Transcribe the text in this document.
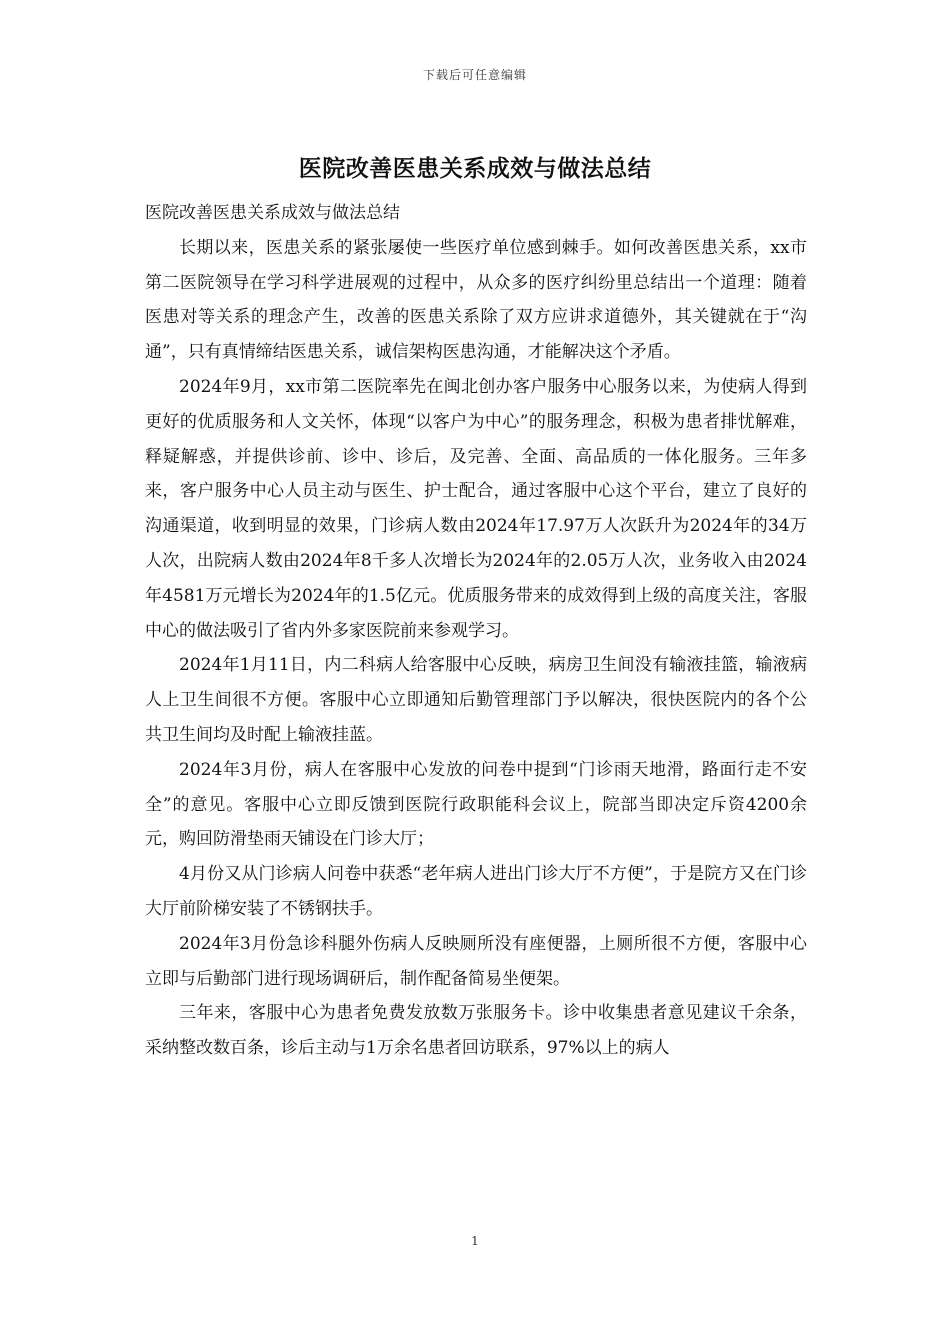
下载后可任意编辑
医院改善医患关系成效与做法总结

医院改善医患关系成效与做法总结

长期以来，医患关系的紧张屡使一些医疗单位感到棘手。如何改善医患关系，xx市第二医院领导在学习科学进展观的过程中，从众多的医疗纠纷里总结出一个道理：随着医患对等关系的理念产生，改善的医患关系除了双方应讲求道德外，其关键就在于“沟通”，只有真情缔结医患关系，诚信架构医患沟通，才能解决这个矛盾。

2024年9月，xx市第二医院率先在闽北创办客户服务中心服务以来，为使病人得到更好的优质服务和人文关怀，体现“以客户为中心”的服务理念，积极为患者排忧解难，释疑解惑，并提供诊前、诊中、诊后，及完善、全面、高品质的一体化服务。三年多来，客户服务中心人员主动与医生、护士配合，通过客服中心这个平台，建立了良好的沟通渠道，收到明显的效果，门诊病人数由2024年17.97万人次跃升为2024年的34万人次，出院病人数由2024年8千多人次增长为2024年的2.05万人次，业务收入由2024年4581万元增长为2024年的1.5亿元。优质服务带来的成效得到上级的高度关注，客服中心的做法吸引了省内外多家医院前来参观学习。

2024年1月11日，内二科病人给客服中心反映，病房卫生间没有输液挂篮，输液病人上卫生间很不方便。客服中心立即通知后勤管理部门予以解决，很快医院内的各个公共卫生间均及时配上输液挂蓝。

2024年3月份，病人在客服中心发放的问卷中提到“门诊雨天地滑，路面行走不安全”的意见。客服中心立即反馈到医院行政职能科会议上，院部当即决定斥资4200余元，购回防滑垫雨天铺设在门诊大厅；

4月份又从门诊病人问卷中获悉“老年病人进出门诊大厅不方便”，于是院方又在门诊大厅前阶梯安装了不锈钢扶手。

2024年3月份急诊科腿外伤病人反映厕所没有座便器，上厕所很不方便，客服中心立即与后勤部门进行现场调研后，制作配备简易坐便架。

三年来，客服中心为患者免费发放数万张服务卡。诊中收集患者意见建议千余条，采纳整改数百条，诊后主动与1万余名患者回访联系，97%以上的病人

1
